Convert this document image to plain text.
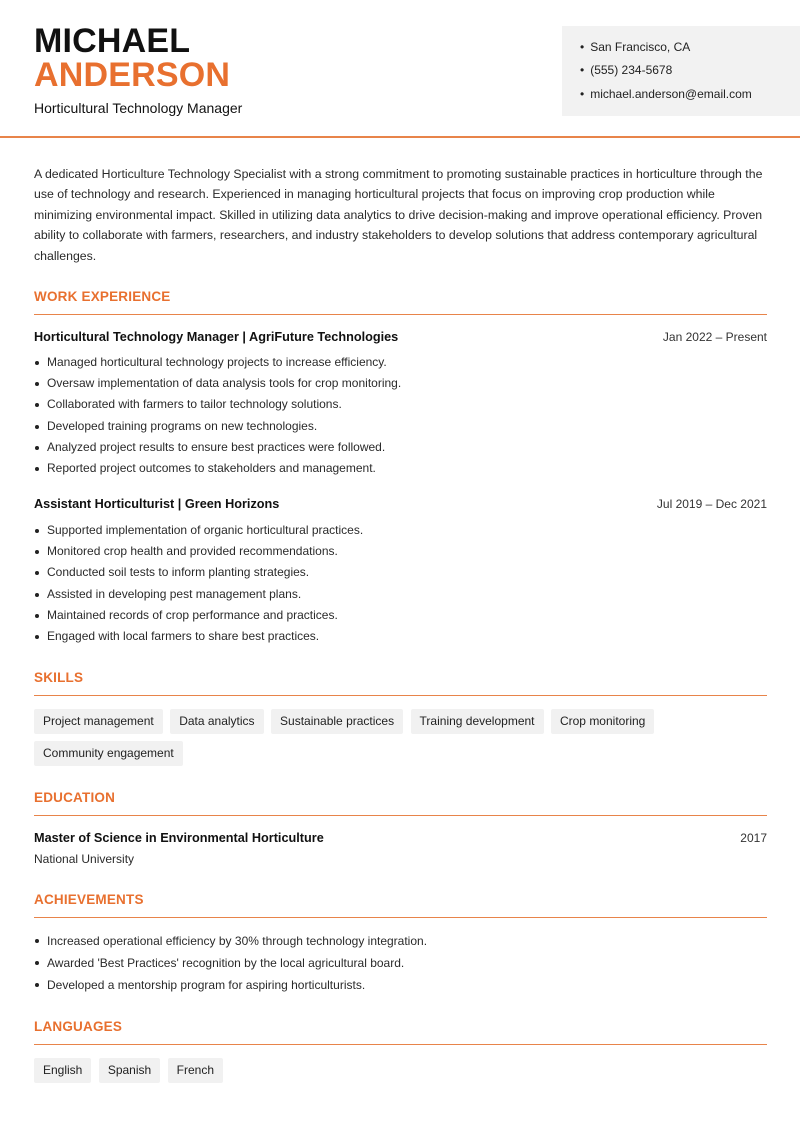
MICHAEL
ANDERSON
Horticultural Technology Manager
• San Francisco, CA
• (555) 234-5678
• michael.anderson@email.com
A dedicated Horticulture Technology Specialist with a strong commitment to promoting sustainable practices in horticulture through the use of technology and research. Experienced in managing horticultural projects that focus on improving crop production while minimizing environmental impact. Skilled in utilizing data analytics to drive decision-making and improve operational efficiency. Proven ability to collaborate with farmers, researchers, and industry stakeholders to develop solutions that address contemporary agricultural challenges.
WORK EXPERIENCE
Horticultural Technology Manager | AgriFuture Technologies	Jan 2022 – Present
Managed horticultural technology projects to increase efficiency.
Oversaw implementation of data analysis tools for crop monitoring.
Collaborated with farmers to tailor technology solutions.
Developed training programs on new technologies.
Analyzed project results to ensure best practices were followed.
Reported project outcomes to stakeholders and management.
Assistant Horticulturist | Green Horizons	Jul 2019 – Dec 2021
Supported implementation of organic horticultural practices.
Monitored crop health and provided recommendations.
Conducted soil tests to inform planting strategies.
Assisted in developing pest management plans.
Maintained records of crop performance and practices.
Engaged with local farmers to share best practices.
SKILLS
Project management Data analytics Sustainable practices Training development Crop monitoring Community engagement
EDUCATION
Master of Science in Environmental Horticulture	2017
National University
ACHIEVEMENTS
Increased operational efficiency by 30% through technology integration.
Awarded 'Best Practices' recognition by the local agricultural board.
Developed a mentorship program for aspiring horticulturists.
LANGUAGES
English Spanish French
